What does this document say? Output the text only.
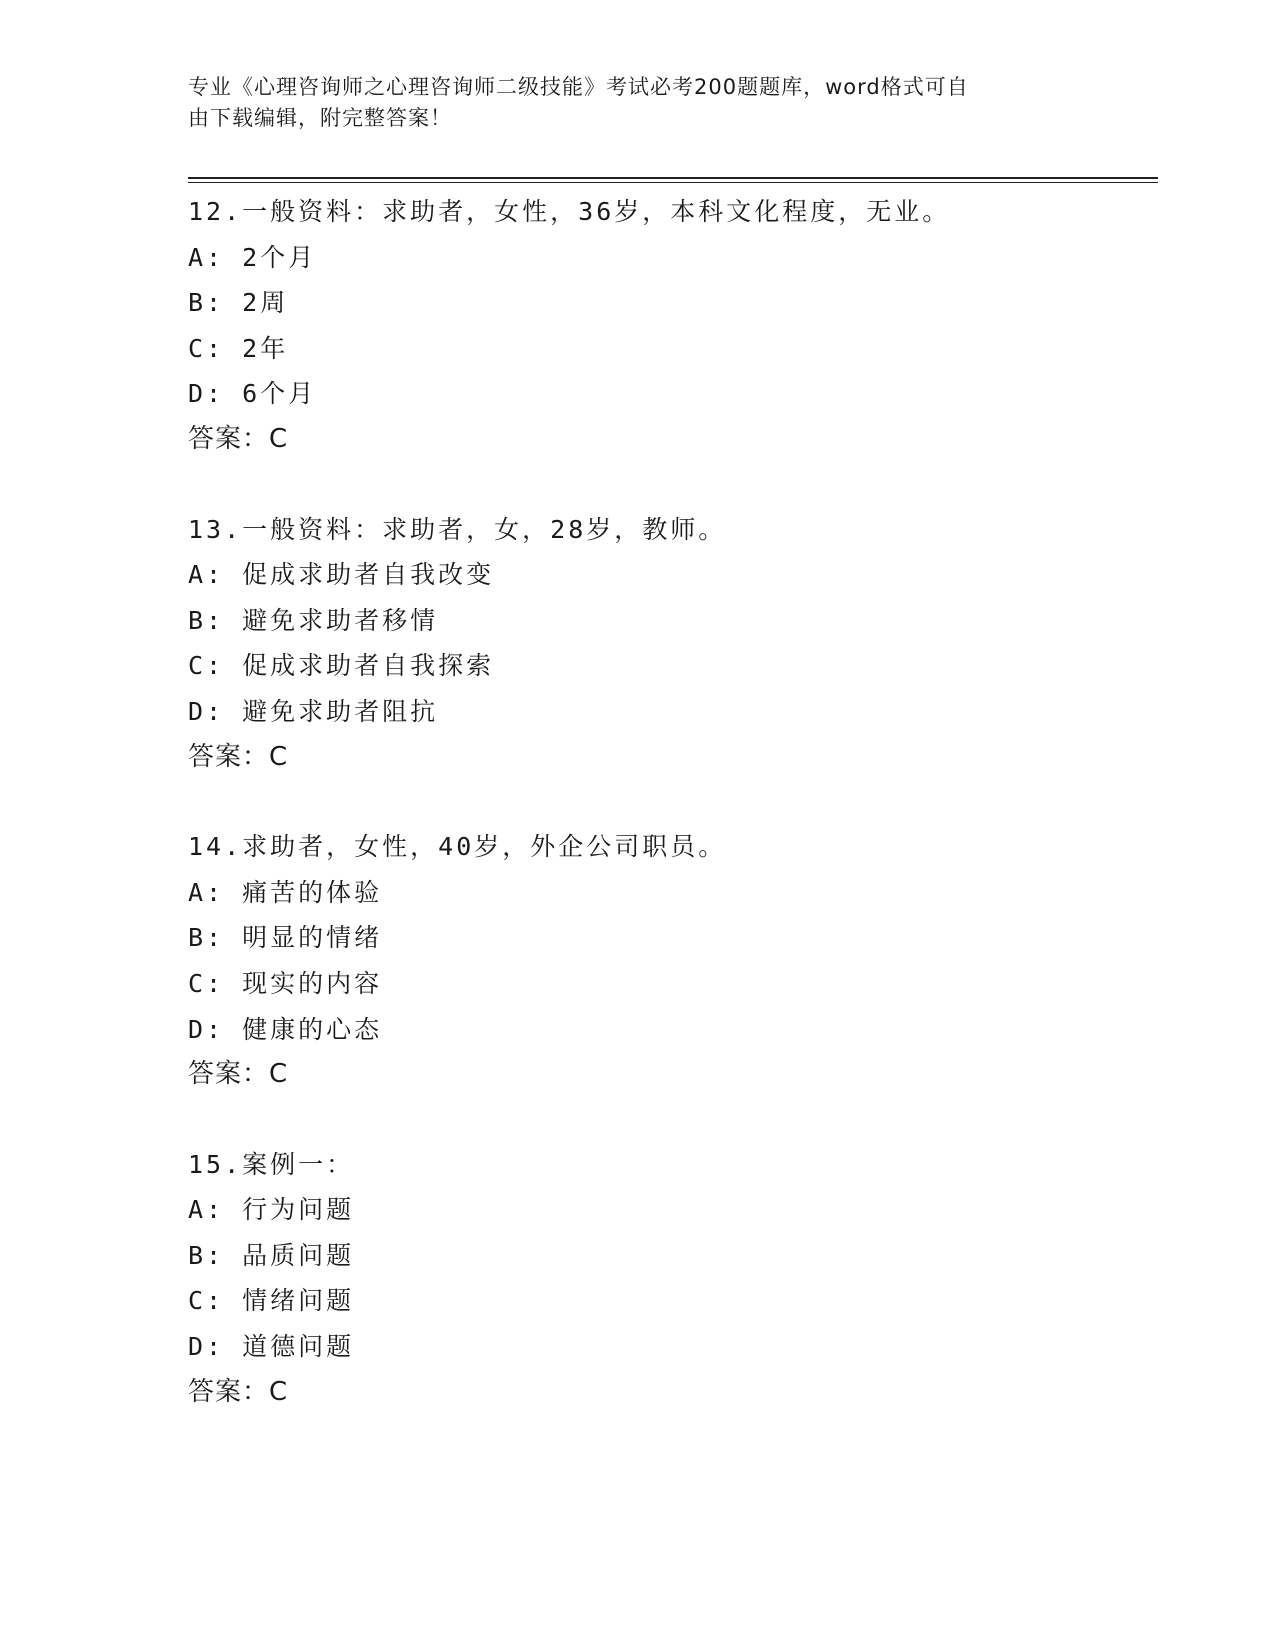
专业《心理咨询师之心理咨询师二级技能》考试必考200题题库，word格式可自
由下载编辑，附完整答案！
12.一般资料：求助者，女性，36岁，本科文化程度，无业。
A: 2个月
B: 2周
C: 2年
D: 6个月
答案：C
13.一般资料：求助者，女，28岁，教师。
A: 促成求助者自我改变
B: 避免求助者移情
C: 促成求助者自我探索
D: 避免求助者阻抗
答案：C
14.求助者，女性，40岁，外企公司职员。
A: 痛苦的体验
B: 明显的情绪
C: 现实的内容
D: 健康的心态
答案：C
15.案例一：
A: 行为问题
B: 品质问题
C: 情绪问题
D: 道德问题
答案：C
